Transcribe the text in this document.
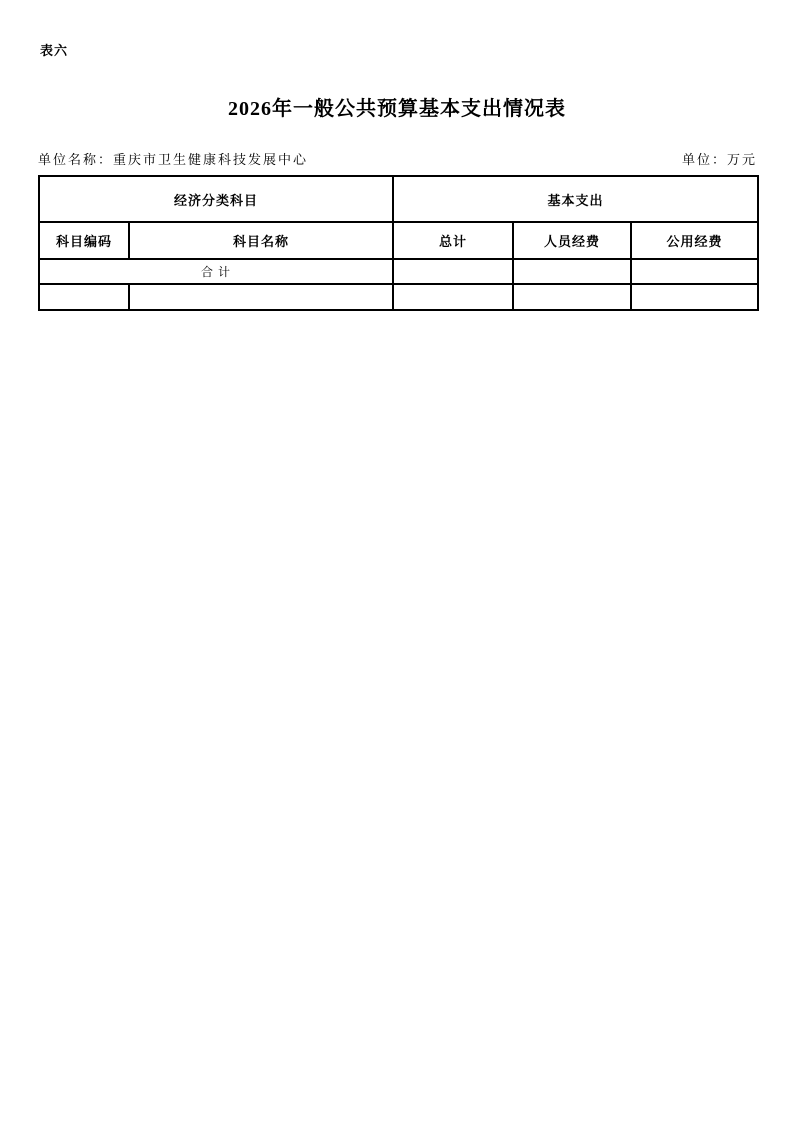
表六
2026年一般公共预算基本支出情况表
单位名称：重庆市卫生健康科技发展中心	单位：万元
经济分类科目		基本支出		
科目编码	科目名称	总计	人员经费	公用经费
合 计				
